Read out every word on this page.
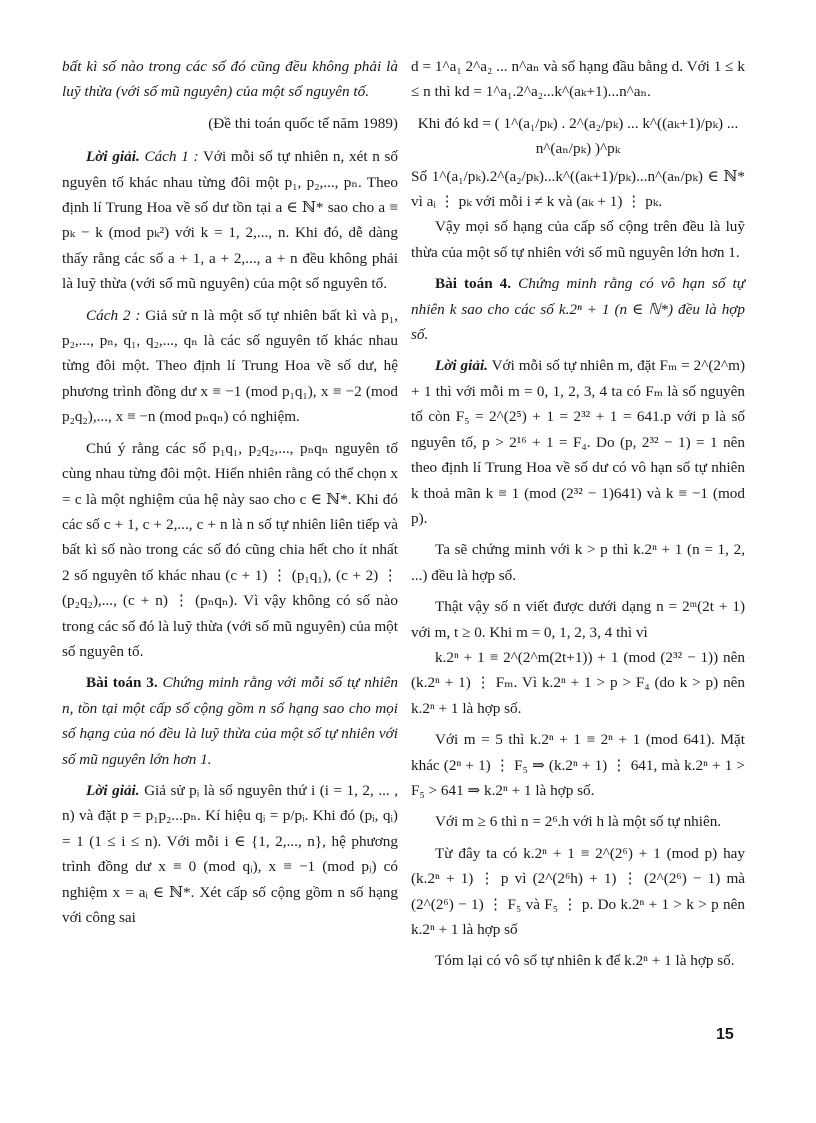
bất kì số nào trong các số đó cũng đều không phải là luỹ thừa (với số mũ nguyên) của một số nguyên tố.

(Đề thi toán quốc tế năm 1989)

Lời giải. Cách 1 : Với mỗi số tự nhiên n, xét n số nguyên tố khác nhau từng đôi một p₁, p₂,..., pₙ. Theo định lí Trung Hoa về số dư tồn tại a ∈ ℕ* sao cho a ≡ pₖ − k (mod pₖ²) với k = 1, 2,..., n. Khi đó, dễ dàng thấy rằng các số a + 1, a + 2,..., a + n đều không phải là luỹ thừa (với số mũ nguyên) của một số nguyên tố.

Cách 2 : Giả sử n là một số tự nhiên bất kì và p₁, p₂,..., pₙ, q₁, q₂,..., qₙ là các số nguyên tố khác nhau từng đôi một. Theo định lí Trung Hoa về số dư, hệ phương trình đồng dư x ≡ −1 (mod p₁q₁), x ≡ −2 (mod p₂q₂),..., x ≡ −n (mod pₙqₙ) có nghiệm.

Chú ý rằng các số p₁q₁, p₂q₂,..., pₙqₙ nguyên tố cùng nhau từng đôi một. Hiển nhiên rằng có thể chọn x = c là một nghiệm của hệ này sao cho c ∈ ℕ*. Khi đó các số c + 1, c + 2,..., c + n là n số tự nhiên liên tiếp và bất kì số nào trong các số đó cũng chia hết cho ít nhất 2 số nguyên tố khác nhau (c + 1) ⋮ (p₁q₁), (c + 2) ⋮ (p₂q₂),..., (c + n) ⋮ (pₙqₙ). Vì vậy không có số nào trong các số đó là luỹ thừa (với số mũ nguyên) của một số nguyên tố.

Bài toán 3. Chứng minh rằng với mỗi số tự nhiên n, tồn tại một cấp số cộng gồm n số hạng sao cho mọi số hạng của nó đều là luỹ thừa của một số tự nhiên với số mũ nguyên lớn hơn 1.

Lời giải. Giả sử pᵢ là số nguyên thứ i (i = 1, 2, ... , n) và đặt p = p₁p₂...pₙ. Kí hiệu qᵢ = p/pᵢ. Khi đó (pᵢ, qᵢ) = 1 (1 ≤ i ≤ n). Với mỗi i ∈ {1, 2,..., n}, hệ phương trình đồng dư x ≡ 0 (mod qᵢ), x ≡ −1 (mod pᵢ) có nghiệm x = aᵢ ∈ ℕ*. Xét cấp số cộng gồm n số hạng với công sai

d = 1^a₁ 2^a₂ ... n^aₙ và số hạng đầu bằng d. Với 1 ≤ k ≤ n thì kd = 1^a₁.2^a₂...k^(aₖ+1)...n^aₙ.

Khi đó kd = ( 1^(a₁/pₖ) . 2^(a₂/pₖ) ... k^((aₖ+1)/pₖ) ... n^(aₙ/pₖ) )^pₖ

Số 1^(a₁/pₖ).2^(a₂/pₖ)...k^((aₖ+1)/pₖ)...n^(aₙ/pₖ) ∈ ℕ* vì aᵢ ⋮ pₖ với mỗi i ≠ k và (aₖ + 1) ⋮ pₖ.

Vậy mọi số hạng của cấp số cộng trên đều là luỹ thừa của một số tự nhiên với số mũ nguyên lớn hơn 1.

Bài toán 4. Chứng minh rằng có vô hạn số tự nhiên k sao cho các số k.2ⁿ + 1 (n ∈ ℕ*) đều là hợp số.

Lời giải. Với mỗi số tự nhiên m, đặt Fₘ = 2^(2^m) + 1 thì với mỗi m = 0, 1, 2, 3, 4 ta có Fₘ là số nguyên tố còn F₅ = 2^(2⁵) + 1 = 2³² + 1 = 641.p với p là số nguyên tố, p > 2¹⁶ + 1 = F₄. Do (p, 2³² − 1) = 1 nên theo định lí Trung Hoa về số dư có vô hạn số tự nhiên k thoả mãn k ≡ 1 (mod (2³² − 1)641) và k ≡ −1 (mod p).

Ta sẽ chứng minh với k > p thì k.2ⁿ + 1 (n = 1, 2, ...) đều là hợp số.

Thật vậy số n viết được dưới dạng n = 2ᵐ(2t + 1) với m, t ≥ 0. Khi m = 0, 1, 2, 3, 4 thì vì

k.2ⁿ + 1 ≡ 2^(2^m(2t+1)) + 1 (mod (2³² − 1)) nên (k.2ⁿ + 1) ⋮ Fₘ. Vì k.2ⁿ + 1 > p > F₄ (do k > p) nên k.2ⁿ + 1 là hợp số.

Với m = 5 thì k.2ⁿ + 1 ≡ 2ⁿ + 1 (mod 641). Mặt khác (2ⁿ + 1) ⋮ F₅ ⇒ (k.2ⁿ + 1) ⋮ 641, mà k.2ⁿ + 1 > F₅ > 641 ⇒ k.2ⁿ + 1 là hợp số.

Với m ≥ 6 thì n = 2⁶.h với h là một số tự nhiên.

Từ đây ta có k.2ⁿ + 1 ≡ 2^(2⁶) + 1 (mod p) hay (k.2ⁿ + 1) ⋮ p vì (2^(2⁶h) + 1) ⋮ (2^(2⁶) − 1) mà (2^(2⁶) − 1) ⋮ F₅ và F₅ ⋮ p. Do k.2ⁿ + 1 > k > p nên k.2ⁿ + 1 là hợp số

Tóm lại có vô số tự nhiên k để k.2ⁿ + 1 là hợp số.

15
